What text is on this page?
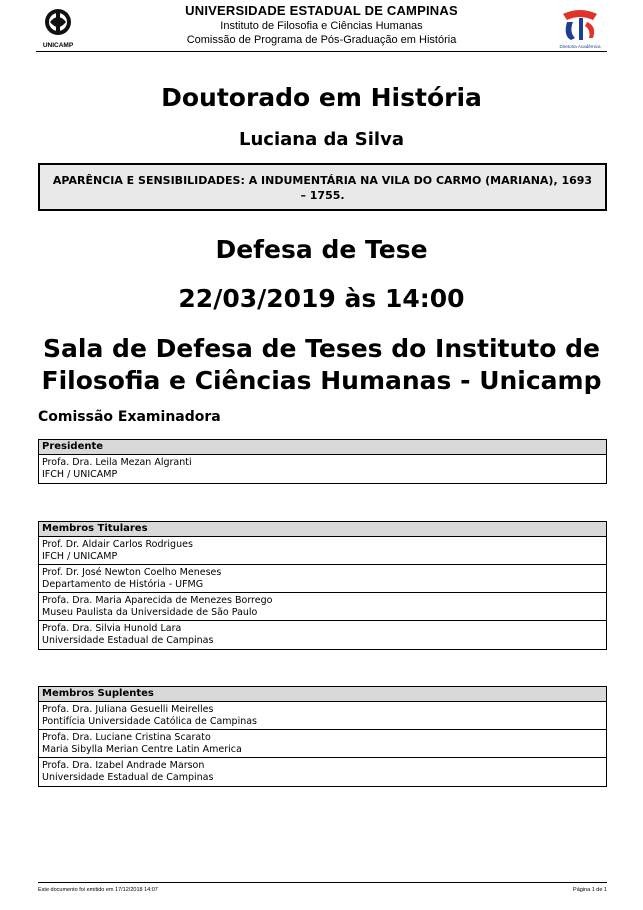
UNICAMP
UNIVERSIDADE ESTADUAL DE CAMPINAS
Instituto de Filosofia e Ciências Humanas
Comissão de Programa de Pós-Graduação em História
Diretoria Acadêmica
Doutorado em História
Luciana da Silva
APARÊNCIA E SENSIBILIDADES: A INDUMENTÁRIA NA VILA DO CARMO (MARIANA), 1693 – 1755.
Defesa de Tese
22/03/2019 às 14:00
Sala de Defesa de Teses do Instituto de Filosofia e Ciências Humanas - Unicamp
Comissão Examinadora
Presidente
Profa. Dra. Leila Mezan Algranti
IFCH / UNICAMP
Membros Titulares
Prof. Dr. Aldair Carlos Rodrigues
IFCH / UNICAMP
Prof. Dr. José Newton Coelho Meneses
Departamento de História - UFMG
Profa. Dra. Maria Aparecida de Menezes Borrego
Museu Paulista da Universidade de São Paulo
Profa. Dra. Silvia Hunold Lara
Universidade Estadual de Campinas
Membros Suplentes
Profa. Dra. Juliana Gesuelli Meirelles
Pontifícia Universidade Católica de Campinas
Profa. Dra. Luciane Cristina Scarato
Maria Sibylla Merian Centre Latin America
Profa. Dra. Izabel Andrade Marson
Universidade Estadual de Campinas
Este documento foi emitido em 17/12/2018 14:07	Página 1 de 1
